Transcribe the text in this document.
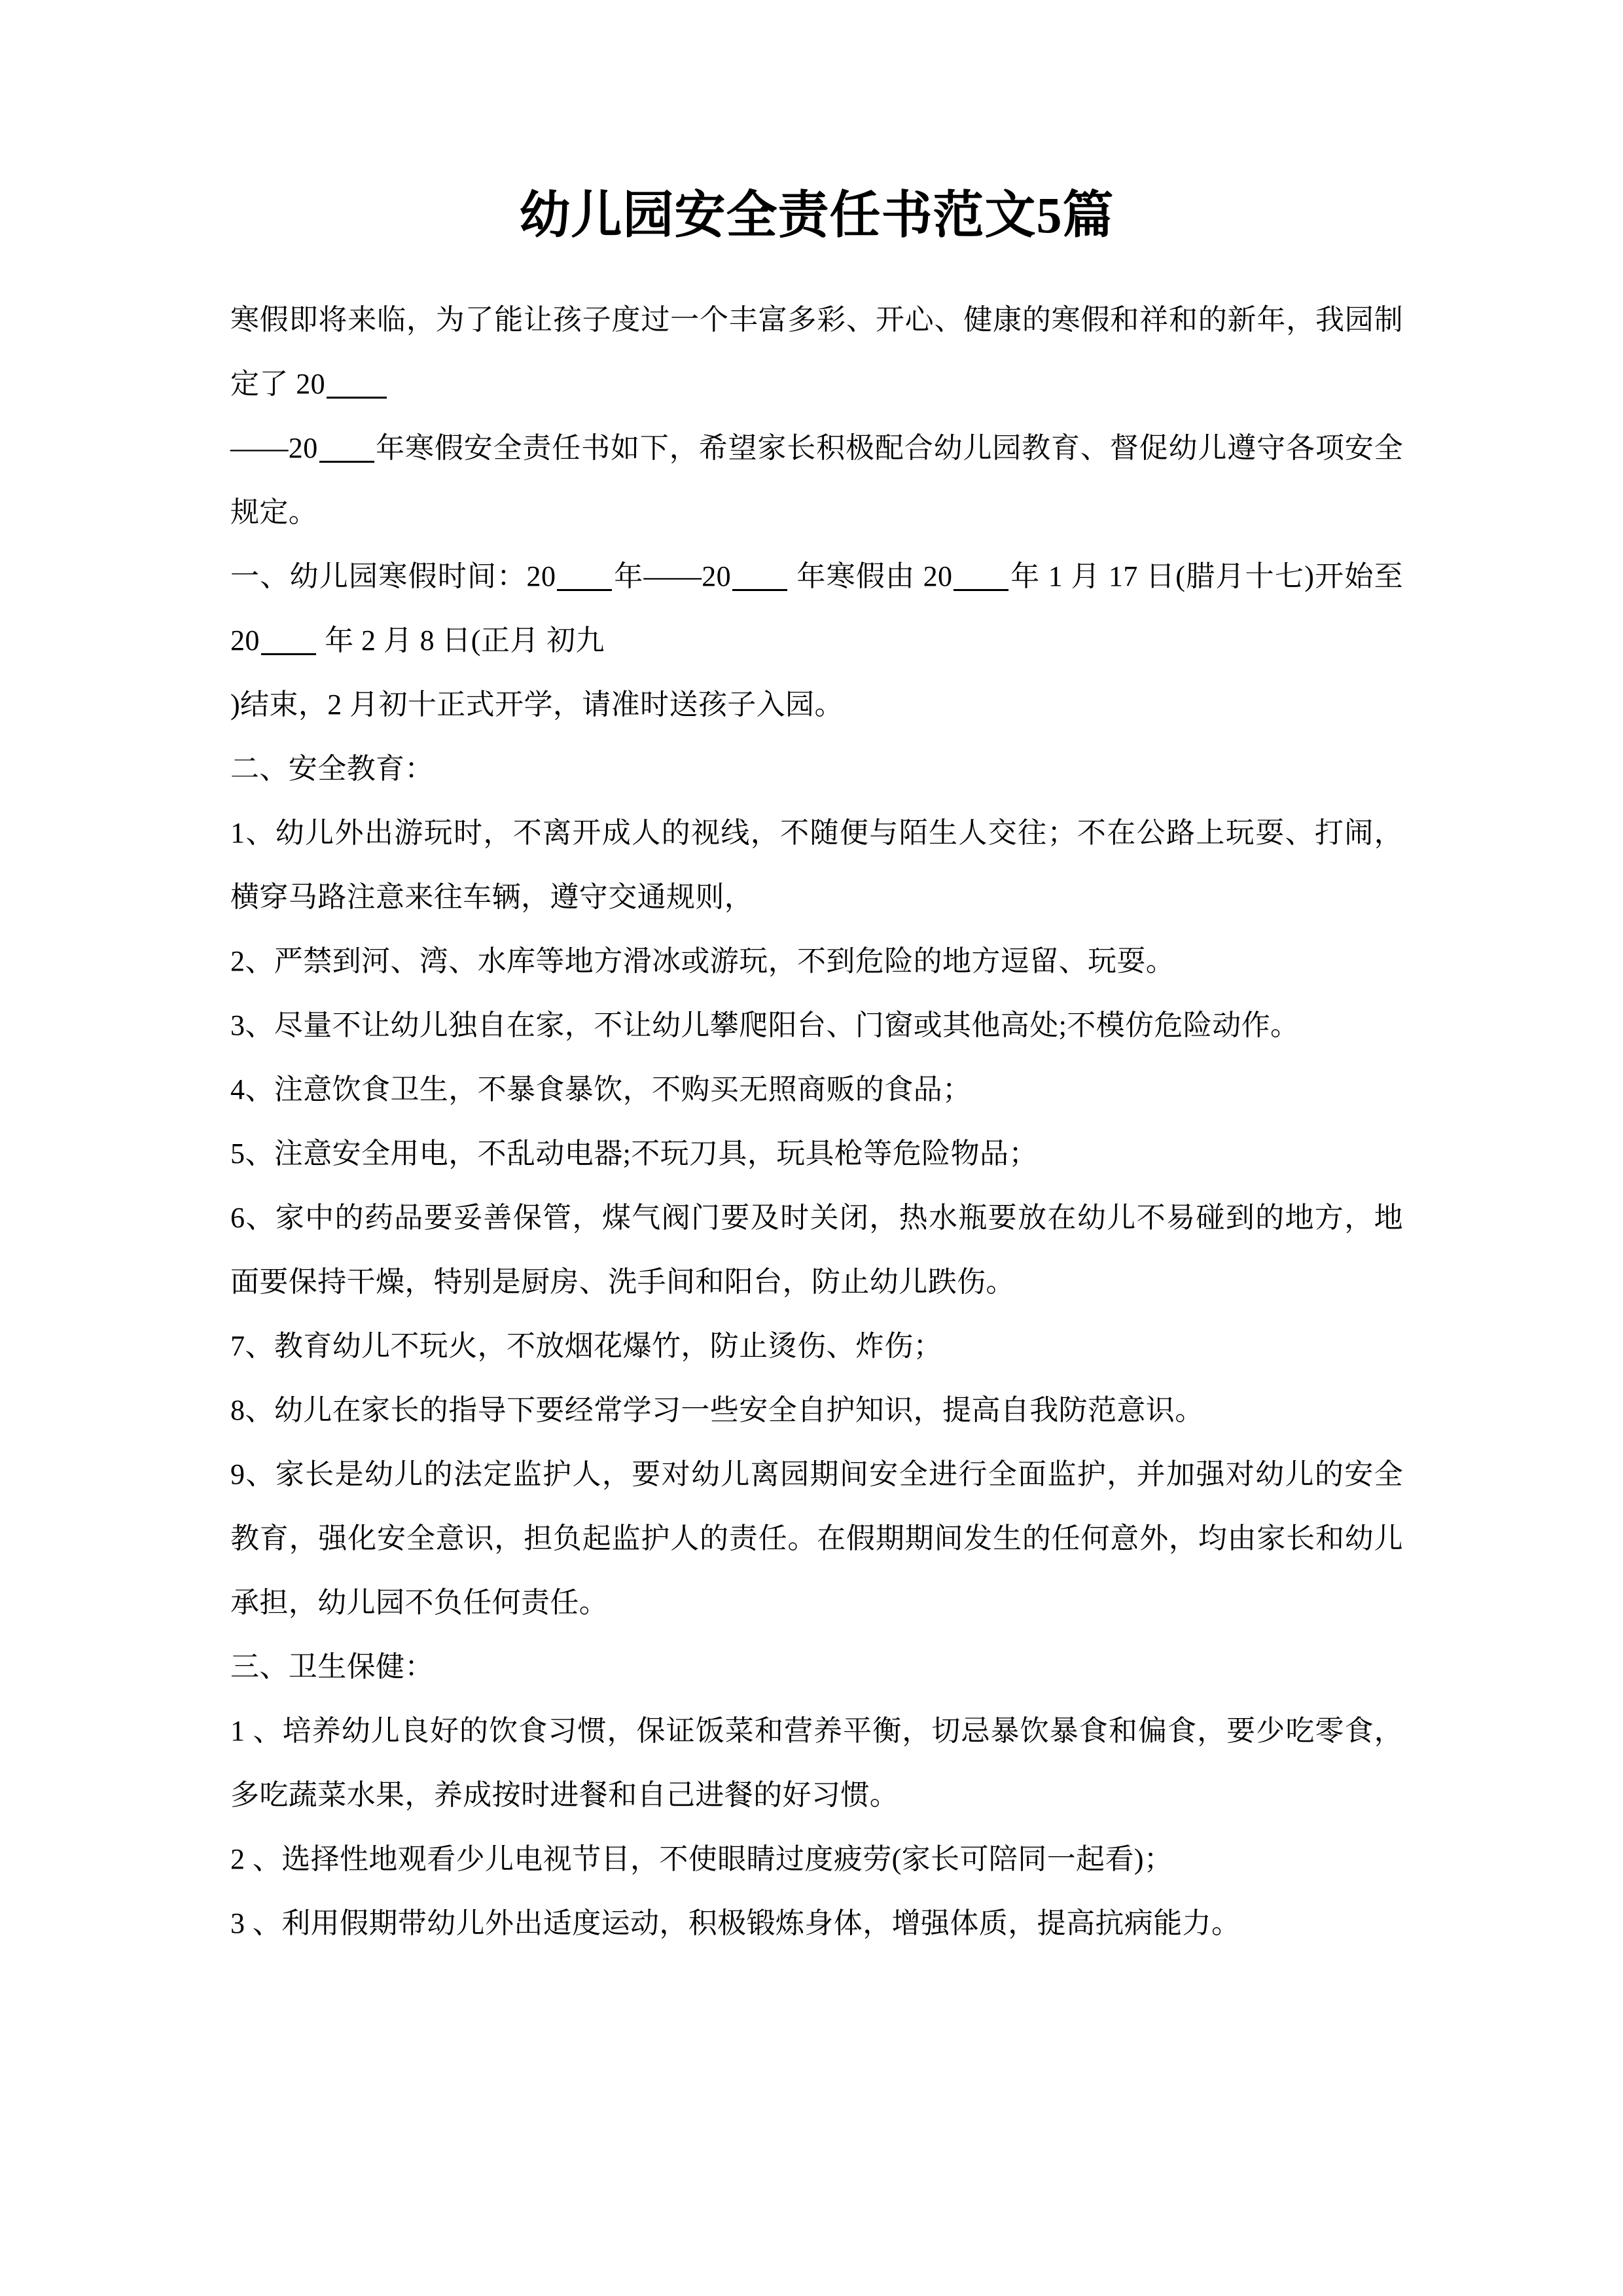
幼儿园安全责任书范文5篇

寒假即将来临，为了能让孩子度过一个丰富多彩、开心、健康的寒假和祥和的新年，我园制定了 20

——20 年寒假安全责任书如下，希望家长积极配合幼儿园教育、督促幼儿遵守各项安全规定。

一、幼儿园寒假时间：20 年——20 年寒假由 20 年 1 月 17 日(腊月十七)开始至 20 年 2 月 8 日(正月 初九

)结束，2 月初十正式开学，请准时送孩子入园。

二、安全教育：

1、幼儿外出游玩时，不离开成人的视线，不随便与陌生人交往；不在公路上玩耍、打闹，横穿马路注意来往车辆，遵守交通规则，

2、严禁到河、湾、水库等地方滑冰或游玩，不到危险的地方逗留、玩耍。

3、尽量不让幼儿独自在家，不让幼儿攀爬阳台、门窗或其他高处;不模仿危险动作。

4、注意饮食卫生，不暴食暴饮，不购买无照商贩的食品；

5、注意安全用电，不乱动电器;不玩刀具，玩具枪等危险物品；

6、家中的药品要妥善保管，煤气阀门要及时关闭，热水瓶要放在幼儿不易碰到的地方，地面要保持干燥，特别是厨房、洗手间和阳台，防止幼儿跌伤。

7、教育幼儿不玩火，不放烟花爆竹，防止烫伤、炸伤；

8、幼儿在家长的指导下要经常学习一些安全自护知识，提高自我防范意识。

9、家长是幼儿的法定监护人，要对幼儿离园期间安全进行全面监护，并加强对幼儿的安全教育，强化安全意识，担负起监护人的责任。在假期期间发生的任何意外，均由家长和幼儿承担，幼儿园不负任何责任。

三、卫生保健：

1 、培养幼儿良好的饮食习惯，保证饭菜和营养平衡，切忌暴饮暴食和偏食，要少吃零食，多吃蔬菜水果，养成按时进餐和自己进餐的好习惯。

2 、选择性地观看少儿电视节目，不使眼睛过度疲劳(家长可陪同一起看)；

3 、利用假期带幼儿外出适度运动，积极锻炼身体，增强体质，提高抗病能力。
